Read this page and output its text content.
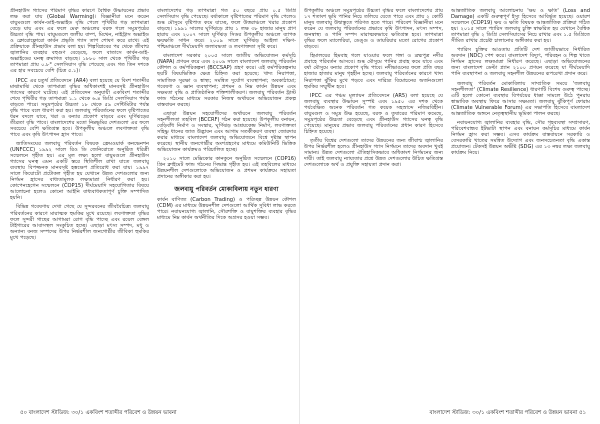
গ্রীনহাউস গ্যাসের পরিমাণ বৃদ্ধির কারণে বৈশ্বিক উষ্ণায়নের প্রভাব লক্ষ করা যায় (Global Warming)। বিজ্ঞানীরা মনে করেন বায়ুমণ্ডলে কার্বন-ডাই-অক্সাইড বৃদ্ধি পেলে পৃথিবীর গড় তাপমাত্রা বেড়ে যায় এবং এর ফলে মেরু অঞ্চলের বরফ গলে সমুদ্রপৃষ্ঠের উচ্চতা বৃদ্ধি পায়। বায়ুমণ্ডলে জলীয় বাষ্প, মিথেন, নাইট্রাস অক্সাইড ও ক্লোরোফ্লোরো কার্বন প্রভৃতি গ্যাস তাপ শোষণ করে রাখে। এই প্রক্রিয়াকে গ্রীনহাউস প্রভাব বলা হয়। শিল্পবিপ্লবের পর থেকে জীবাশ্ম জ্বালানির ব্যবহার বহুগুণ বেড়েছে, ফলে বাতাসে কার্বন-ডাই-অক্সাইডের ঘনত্ব ক্রমাগত বাড়ছে। ১৮৮০ সাল থেকে পৃথিবীর গড় তাপমাত্রা প্রায় ০.৮° সেলসিয়াস বৃদ্ধি পেয়েছে এবং গত তিন দশকে এর হার সবচেয়ে বেশি (চিত্র ৫.১)।

IPCC এর চতুর্থ প্রতিবেদনে (AR4) বলা হয়েছে যে বিংশ শতাব্দীর মাঝামাঝি থেকে তাপমাত্রা বৃদ্ধির অধিকাংশই মানবসৃষ্ট গ্রীনহাউস গ্যাসের কারণে ঘটেছে। এই প্রতিবেদন অনুযায়ী একবিংশ শতাব্দীর শেষে পৃথিবীর গড় তাপমাত্রা ১.১ থেকে ৬.৪ ডিগ্রি সেলসিয়াস পর্যন্ত বাড়তে পারে। সমুদ্রপৃষ্ঠের উচ্চতা ১৮ থেকে ৫৯ সেন্টিমিটার পর্যন্ত বৃদ্ধি পাবে বলে ধারণা করা হয়। জলবায়ু পরিবর্তনের ফলে বৃষ্টিপাতের ধরন বদলে যাবে, খরা ও বন্যার প্রকোপ বাড়বে এবং ঘূর্ণিঝড়ের তীব্রতা বৃদ্ধি পাবে। বাংলাদেশের মতো নিম্নভূমির দেশগুলো এর ফলে সবচেয়ে বেশি ক্ষতিগ্রস্ত হবে। উপকূলীয় অঞ্চলে লবণাক্ততা বৃদ্ধি পাবে এবং কৃষি উৎপাদন হ্রাস পাবে।

জাতিসংঘের জলবায়ু পরিবর্তন বিষয়ক ফ্রেমওয়ার্ক কনভেনশন (UNFCCC) ১৯৯২ সালে রিও ডি জেনিরোতে অনুষ্ঠিত ধরিত্রী সম্মেলনে গৃহীত হয়। এর মূল লক্ষ্য হলো বায়ুমণ্ডলে গ্রীনহাউস গ্যাসের ঘনত্ব এমন একটি স্তরে স্থিতিশীল রাখা যাতে জলবায়ু ব্যবস্থায় বিপজ্জনক মানবসৃষ্ট হস্তক্ষেপ প্রতিরোধ করা যায়। ১৯৯৭ সালে কিয়োটো প্রটোকল গৃহীত হয় যেখানে উন্নত দেশগুলোর জন্য নির্গমন হ্রাসের বাধ্যতামূলক লক্ষ্যমাত্রা নির্ধারণ করা হয়। কোপেনহেগেন সম্মেলনে (COP15) দীর্ঘমেয়াদি সহযোগিতার বিষয়ে আলোচনা হলেও কোনো আইনি বাধ্যবাধকতাপূর্ণ চুক্তি সম্পাদিত হয়নি।

বিভিন্ন গবেষণায় দেখা গেছে যে সুন্দরবনের জীববৈচিত্র্য জলবায়ু পরিবর্তনের কারণে মারাত্মক হুমকির মুখে রয়েছে। লবণাক্ততা বৃদ্ধির ফলে সুন্দরী গাছের আগামরা রোগ বৃদ্ধি পাচ্ছে এবং রয়েল বেঙ্গল টাইগারের আবাসস্থল সংকুচিত হচ্ছে। এছাড়া মৎস্য সম্পদ, মধু ও অন্যান্য বনজ সম্পদের উপর নির্ভরশীল জনগোষ্ঠীর জীবিকা হুমকির মুখে পড়েছে।

বাংলাদেশের গড় তাপমাত্রা গত ৫০ বছরে প্রায় ০.৫ ডিগ্রি সেলসিয়াস বৃদ্ধি পেয়েছে। বর্ষাকালে বৃষ্টিপাতের পরিমাণ বৃদ্ধি পেলেও শুষ্ক মৌসুমে বৃষ্টিপাত কমে যাচ্ছে, ফলে উত্তরাঞ্চলে খরার প্রকোপ বাড়ছে। ১৯৯১ সালের ঘূর্ণিঝড়ে প্রায় ১ লক্ষ ৩৮ হাজার মানুষ প্রাণ হারায় এবং ২০০৭ সালে ঘূর্ণিঝড় সিডর উপকূলীয় অঞ্চলে ব্যাপক ক্ষয়ক্ষতি সাধন করে। ২০০৯ সালে ঘূর্ণিঝড় আইলা দক্ষিণ-পশ্চিমাঞ্চলে দীর্ঘমেয়াদি জলাবদ্ধতা ও লবণাক্ততা সৃষ্টি করে।

বাংলাদেশ সরকার ২০০৫ সালে জাতীয় অভিযোজন কর্মসূচি (NAPA) প্রণয়ন করে এবং ২০০৯ সালে বাংলাদেশ জলবায়ু পরিবর্তন কৌশল ও কর্মপরিকল্পনা (BCCSAP) গ্রহণ করে। এই কর্মপরিকল্পনায় ছয়টি বিষয়ভিত্তিক ক্ষেত্র চিহ্নিত করা হয়েছে: খাদ্য নিরাপত্তা, সামাজিক সুরক্ষা ও স্বাস্থ্য; সমন্বিত দুর্যোগ ব্যবস্থাপনা; অবকাঠামো; গবেষণা ও জ্ঞান ব্যবস্থাপনা; প্রশমন ও নিম্ন কার্বন উন্নয়ন এবং সক্ষমতা বৃদ্ধি ও প্রাতিষ্ঠানিক শক্তিশালীকরণ। জলবায়ু পরিবর্তন ট্রাস্ট ফান্ড গঠনের মাধ্যমে সরকার নিজস্ব অর্থায়নে অভিযোজন প্রকল্প বাস্তবায়ন করছে।

এছাড়া উন্নয়ন সহযোগীদের অর্থায়নে জলবায়ু পরিবর্তন সহনশীলতা তহবিল (BCCRF) গঠন করা হয়েছে। উপকূলীয় বনায়ন, বেড়িবাঁধ নির্মাণ ও সংস্কার, ঘূর্ণিঝড় আশ্রয়কেন্দ্র নির্মাণ, লবণাক্ততা সহিষ্ণু ধানের জাত উদ্ভাবন এবং আগাম সতর্কীকরণ ব্যবস্থা জোরদার করার মাধ্যমে বাংলাদেশ জলবায়ু অভিযোজনে বিশ্বে দৃষ্টান্ত স্থাপন করেছে। স্থানীয় জনগোষ্ঠীর অংশগ্রহণের মাধ্যমে কমিউনিটি ভিত্তিক অভিযোজন কার্যক্রমও পরিচালিত হচ্ছে।

২০১০ সালে মেক্সিকোর কানকুনে অনুষ্ঠিত সম্মেলনে (COP16) গ্রিন ক্লাইমেট ফান্ড গঠনের সিদ্ধান্ত গৃহীত হয়। এই তহবিলের মাধ্যমে উন্নয়নশীল দেশগুলোকে অভিযোজন ও প্রশমন কার্যক্রমে সহায়তা প্রদানের অঙ্গীকার করা হয়।

জলবায়ু পরিবর্তন মোকাবিলায় নতুন ধারণা

কার্বন বাণিজ্য (Carbon Trading) ও পরিচ্ছন্ন উন্নয়ন কৌশল (CDM) এর মাধ্যমে উন্নয়নশীল দেশগুলো আর্থিক সুবিধা লাভ করতে পারে। নবায়নযোগ্য জ্বালানি, সৌরশক্তি ও বায়ুশক্তির ব্যবহার বৃদ্ধির মাধ্যমে নিম্ন কার্বন অর্থনীতির দিকে অগ্রসর হওয়া সম্ভব।

উপকূলীয় অঞ্চলে সমুদ্রপৃষ্ঠের উচ্চতা বৃদ্ধির ফলে বাংলাদেশের প্রায় ১৭ শতাংশ ভূমি পানির নিচে তলিয়ে যেতে পারে এবং প্রায় ২ কোটি মানুষ জলবায়ু উদ্বাস্তুতে পরিণত হতে পারে। পরিবেশ বিজ্ঞানীরা মনে করেন যে জলবায়ু পরিবর্তনের প্রভাবে কৃষি উৎপাদন, মৎস্য সম্পদ, জনস্বাস্থ্য ও পানি সম্পদ মারাত্মকভাবে ক্ষতিগ্রস্ত হবে। তাপমাত্রা বৃদ্ধির ফলে ম্যালেরিয়া, ডেঙ্গু ও ডায়রিয়ার মতো রোগের প্রকোপ বাড়বে।

হিমালয়ের হিমবাহ গলে যাওয়ার ফলে গঙ্গা ও ব্রহ্মপুত্র নদীর প্রবাহে পরিবর্তন আসবে। শুষ্ক মৌসুমে পানির প্রবাহ কমে যাবে এবং বর্ষা মৌসুমে বন্যার প্রকোপ বৃদ্ধি পাবে। নদীভাঙনের ফলে প্রতি বছর হাজার হাজার মানুষ গৃহহীন হচ্ছে। জলবায়ু পরিবর্তনের কারণে খাদ্য নিরাপত্তা ঝুঁকির মুখে পড়বে এবং দারিদ্র্য বিমোচনের অর্জনগুলো হুমকির সম্মুখীন হবে।

IPCC এর পঞ্চম মূল্যায়ন প্রতিবেদনে (AR5) বলা হয়েছে যে জলবায়ু ব্যবস্থার উষ্ণায়ন সুস্পষ্ট এবং ১৯৫০ এর দশক থেকে পর্যবেক্ষিত অনেক পরিবর্তন গত কয়েক সহস্রাব্দে নজিরবিহীন। বায়ুমণ্ডল ও সমুদ্র উষ্ণ হয়েছে, বরফ ও তুষারের পরিমাণ কমেছে, সমুদ্রপৃষ্ঠের উচ্চতা বেড়েছে এবং গ্রীনহাউস গ্যাসের ঘনত্ব বৃদ্ধি পেয়েছে। মানুষের প্রভাব জলবায়ু পরিবর্তনের প্রধান কারণ হিসেবে চিহ্নিত হয়েছে।

তৃতীয় বিশ্বের দেশগুলো তাদের উন্নয়নের জন্য জীবাশ্ম জ্বালানির উপর নির্ভরশীল হলেও গ্রীনহাউস গ্যাস নির্গমনে তাদের অবদান খুবই সামান্য। উন্নত দেশগুলো ঐতিহাসিকভাবে অধিকাংশ নির্গমনের জন্য দায়ী। তাই জলবায়ু ন্যায্যতার প্রশ্নে উন্নত দেশগুলোর উচিত ক্ষতিগ্রস্ত দেশগুলোকে অর্থ ও প্রযুক্তি সহায়তা প্রদান করা।

আন্তর্জাতিক জলবায়ু আলোচনায় 'ক্ষয় ও ক্ষতি' (Loss and Damage) একটি গুরুত্বপূর্ণ ইস্যু হিসেবে আবির্ভূত হয়েছে। ওয়ারশ সম্মেলনে (COP19) ক্ষয় ও ক্ষতি বিষয়ক আন্তর্জাতিক প্রক্রিয়া গঠিত হয়। ২০১৫ সালে প্যারিস জলবায়ু চুক্তি স্বাক্ষরিত হয় যেখানে বৈশ্বিক তাপমাত্রা বৃদ্ধি ২ ডিগ্রি সেলসিয়াসের নিচে রাখার এবং ১.৫ ডিগ্রিতে সীমিত রাখার প্রচেষ্টা চালানোর অঙ্গীকার করা হয়।

প্যারিস চুক্তির আওতায় প্রতিটি দেশ জাতীয়ভাবে নির্ধারিত অবদান (NDC) পেশ করে। বাংলাদেশ বিদ্যুৎ, পরিবহন ও শিল্প খাতে নির্গমন হ্রাসের লক্ষ্যমাত্রা নির্ধারণ করেছে। এছাড়া অভিযোজনের জন্য বাংলাদেশ ডেল্টা প্ল্যান ২১০০ প্রণয়ন করেছে যা দীর্ঘমেয়াদি পানি ব্যবস্থাপনা ও জলবায়ু সহনশীল উন্নয়নের রূপরেখা প্রদান করে।

জলবায়ু পরিবর্তন মোকাবিলায় সাম্প্রতিক সময়ে 'জলবায়ু সহনশীলতা' (Climate Resilience) ধারণাটি বিশেষ গুরুত্ব পাচ্ছে। এটি হলো কোনো ব্যবস্থার বিপর্যয়ের ধাক্কা সামলে উঠে পুনরায় স্বাভাবিক অবস্থায় ফিরে আসার সক্ষমতা। জলবায়ু ঝুঁকিপূর্ণ ফোরাম (Climate Vulnerable Forum) এর সভাপতি হিসেবে বাংলাদেশ আন্তর্জাতিক অঙ্গনে নেতৃত্বস্থানীয় ভূমিকা পালন করছে।

নবায়নযোগ্য জ্বালানির ব্যবহার বৃদ্ধি, সৌর গৃহব্যবস্থা সম্প্রসারণ, পরিবেশবান্ধব ইটভাটা স্থাপন এবং বনায়ন কর্মসূচির মাধ্যমে কার্বন নির্গমন হ্রাস করা সম্ভব। এসব কার্যক্রম বাস্তবায়নে সরকারি ও বেসরকারি খাতের সমন্বিত উদ্যোগ এবং জনসচেতনতা বৃদ্ধি একান্ত প্রয়োজন। টেকসই উন্নয়ন অভীষ্ট (SDG) এর ১৩ নম্বর লক্ষ্য জলবায়ু কার্যক্রম নিয়ে।

৫০ বাংলাদেশ স্টাডিজ: ৩০/১ একবিংশ শতাব্দীর পরিবেশ ও উন্নয়ন ভাবনা	বাংলাদেশ স্টাডিজ: ৩০/১ একবিংশ শতাব্দীর পরিবেশ ও উন্নয়ন ভাবনা ৫১
